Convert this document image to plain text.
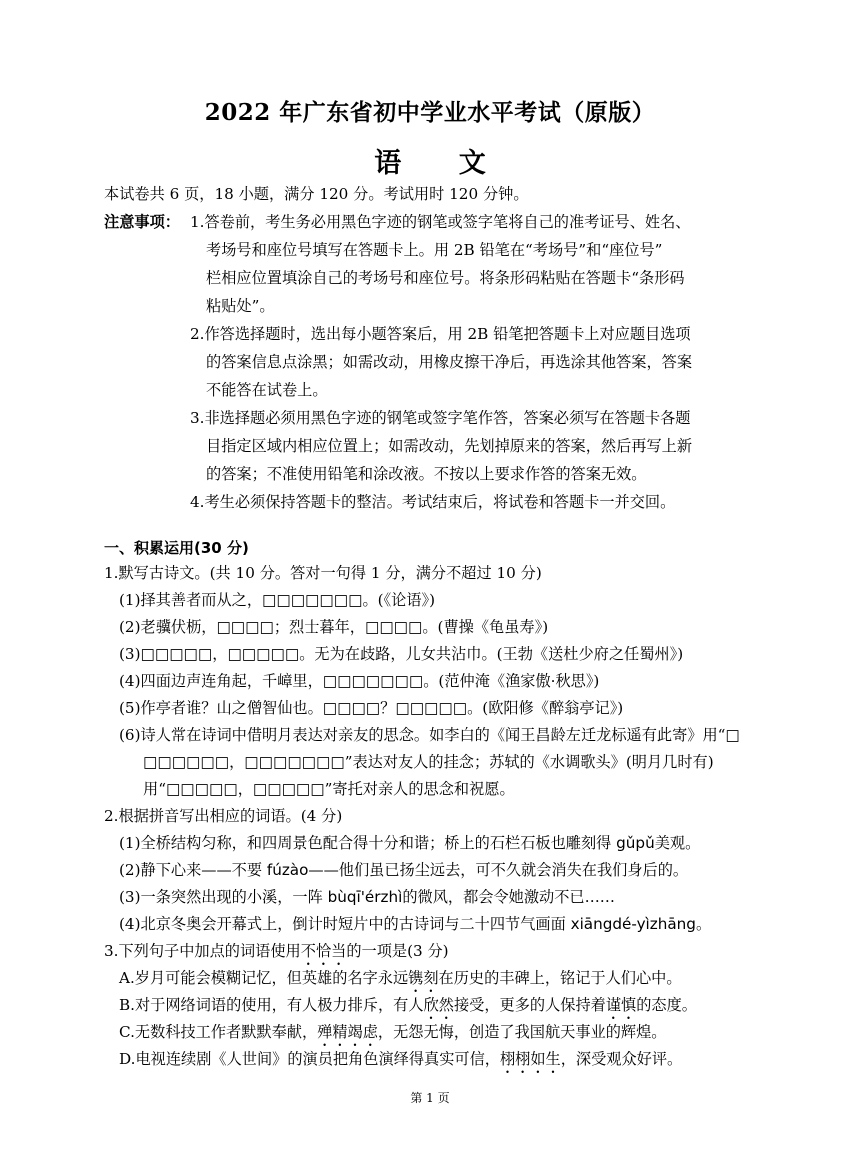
2022 年广东省初中学业水平考试（原版）
语 文
本试卷共 6 页，18 小题，满分 120 分。考试用时 120 分钟。
注意事项： 1.答卷前，考生务必用黑色字迹的钢笔或签字笔将自己的准考证号、姓名、
考场号和座位号填写在答题卡上。用 2B 铅笔在“考场号”和“座位号”
栏相应位置填涂自己的考场号和座位号。将条形码粘贴在答题卡“条形码
粘贴处”。
2.作答选择题时，选出每小题答案后，用 2B 铅笔把答题卡上对应题目选项
的答案信息点涂黑；如需改动，用橡皮擦干净后，再选涂其他答案，答案
不能答在试卷上。
3.非选择题必须用黑色字迹的钢笔或签字笔作答，答案必须写在答题卡各题
目指定区域内相应位置上；如需改动，先划掉原来的答案，然后再写上新
的答案；不准使用铅笔和涂改液。不按以上要求作答的答案无效。
4.考生必须保持答题卡的整洁。考试结束后，将试卷和答题卡一并交回。
一、积累运用(30 分)
1.默写古诗文。(共 10 分。答对一句得 1 分，满分不超过 10 分)
(1)择其善者而从之，□□□□□□□。(《论语》)
(2)老骥伏枥，□□□□；烈士暮年，□□□□。(曹操《龟虽寿》)
(3)□□□□□，□□□□□。无为在歧路，儿女共沾巾。(王勃《送杜少府之任蜀州》)
(4)四面边声连角起，千嶂里，□□□□□□□。(范仲淹《渔家傲·秋思》)
(5)作亭者谁？山之僧智仙也。□□□□？□□□□□。(欧阳修《醉翁亭记》)
(6)诗人常在诗词中借明月表达对亲友的思念。如李白的《闻王昌龄左迁龙标遥有此寄》用“□
□□□□□□，□□□□□□□”表达对友人的挂念；苏轼的《水调歌头》(明月几时有)
用“□□□□□，□□□□□”寄托对亲人的思念和祝愿。
2.根据拼音写出相应的词语。(4 分)
(1)全桥结构匀称，和四周景色配合得十分和谐；桥上的石栏石板也雕刻得 gǔpǔ美观。
(2)静下心来——不要 fúzào——他们虽已扬尘远去，可不久就会消失在我们身后的。
(3)一条突然出现的小溪，一阵 bùqī'érzhì的微风，都会令她激动不已……
(4)北京冬奥会开幕式上，倒计时短片中的古诗词与二十四节气画面 xiāngdé-yìzhāng。
3.下列句子中加点的词语使用不恰当的一项是(3 分)
A.岁月可能会模糊记忆，但英雄的名字永远镌刻在历史的丰碑上，铭记于人们心中。
B.对于网络词语的使用，有人极力排斥，有人欣然接受，更多的人保持着谨慎的态度。
C.无数科技工作者默默奉献，殚精竭虑，无怨无悔，创造了我国航天事业的辉煌。
D.电视连续剧《人世间》的演员把角色演绎得真实可信，栩栩如生，深受观众好评。
第 1 页
